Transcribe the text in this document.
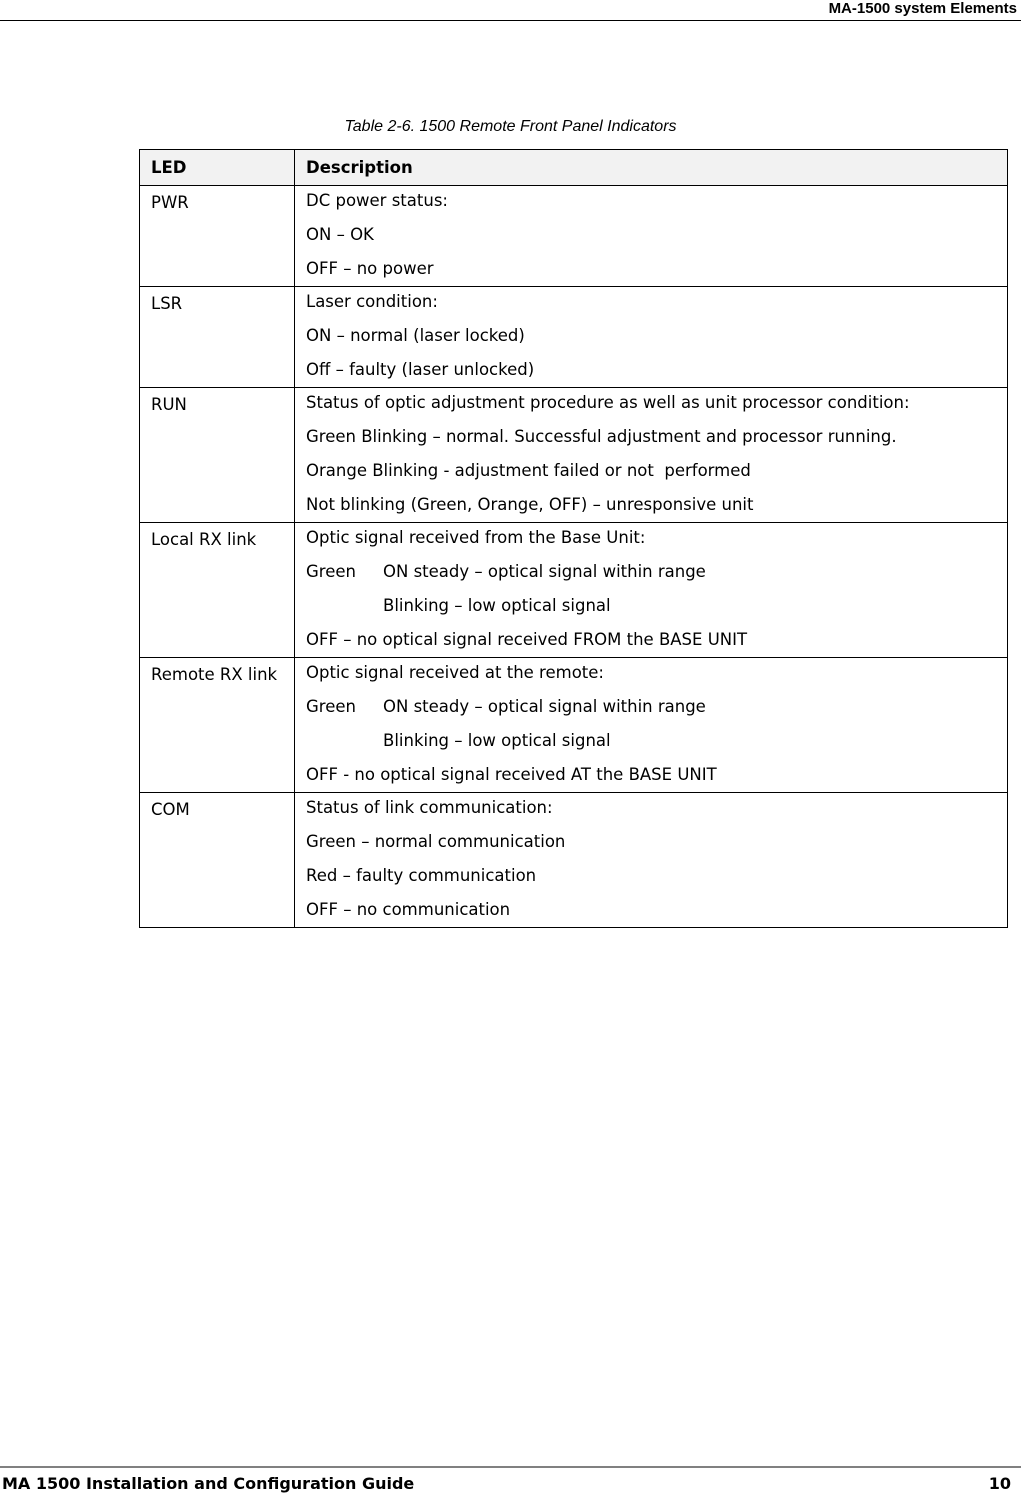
MA-1500 system Elements
Table 2-6. 1500 Remote Front Panel Indicators
LED	Description
PWR	DC power status:
ON – OK
OFF – no power

LSR	Laser condition:
ON – normal (laser locked)
Off – faulty (laser unlocked)

RUN	Status of optic adjustment procedure as well as unit processor condition:
Green Blinking – normal. Successful adjustment and processor running.
Orange Blinking - adjustment failed or not  performed
Not blinking (Green, Orange, OFF) – unresponsive unit

Local RX link	Optic signal received from the Base Unit:
Green ON steady – optical signal within range
Blinking – low optical signal
OFF – no optical signal received FROM the BASE UNIT

Remote RX link	Optic signal received at the remote:
Green ON steady – optical signal within range
Blinking – low optical signal
OFF - no optical signal received AT the BASE UNIT

COM	Status of link communication:
Green – normal communication
Red – faulty communication
OFF – no communication
MA 1500 Installation and Configuration Guide	10
